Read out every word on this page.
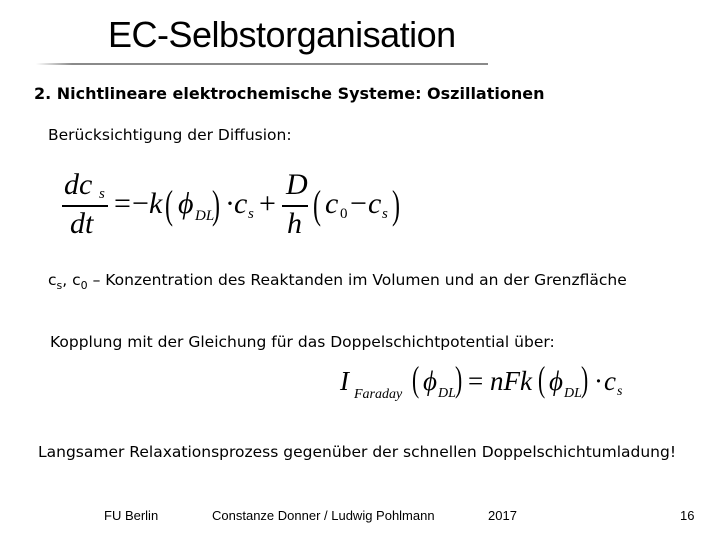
EC-Selbstorganisation
2. Nichtlineare elektrochemische Systeme: Oszillationen
Berücksichtigung der Diffusion:
dc s
dt
= − k ( ϕ DL
) · c s +
D
h ( c 0 − c s )
$c_s$, $c_0$ – Konzentration des Reaktanden im Volumen und an der Grenzfläche
Kopplung mit der Gleichung für das Doppelschichtpotential über:
I Faraday ( ϕ DL ) = nFk ( ϕ DL ) · c s
Langsamer Relaxationsprozess gegenüber der schnellen Doppelschichtumladung!
FU Berlin	Constanze Donner / Ludwig Pohlmann	2017	16
